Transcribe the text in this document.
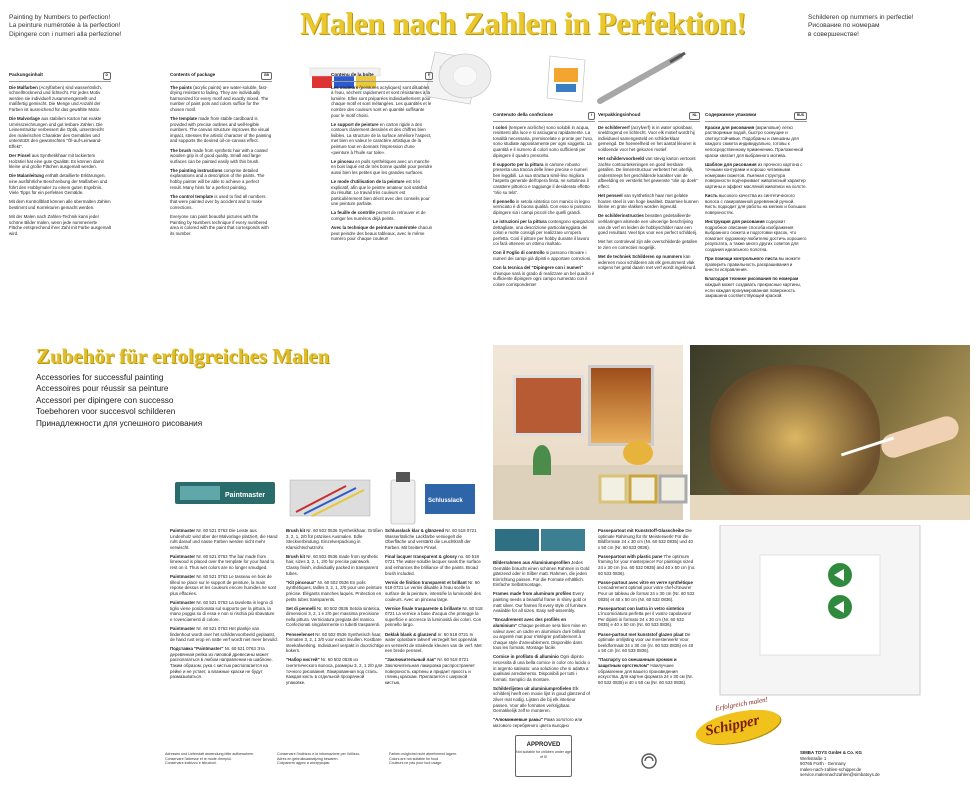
Painting by Numbers to perfection!
La peinture numérotée à la perfection!
Dipingere con i numeri alla perfezione!	Malen nach Zahlen in Perfektion!	Schilderen op nummers in perfectie!
Рисование по номерам
в совершенстве!
Packungsinhalt	D
Die Malfarben (Acrylfarben) sind wasserlöslich, schnelltrocknend und lichtecht. Für jedes Motiv werden sie individuell zusammengestellt und maßfertig gemischt. Die Menge und Anzahl der Farben ist ausreichend für das gewählte Motiv.
Die Malvorlage aus stabilem Karton hat exakte Umrisszeichnungen und gut lesbare Zahlen. Die Leinenstruktur verbessert die Optik, unterstreicht den malerischen Charakter des Gemäldes und unterstützt den gewünschten "Öl-auf-Leinwand-Effekt".
Der Pinsel aus Synthetikhaar mit lackiertem Holzstiel hat eine gute Qualität. Es können damit kleine und große Flächen ausgemalt werden.
Die Malanleitung enthält detaillierte Erklärungen, eine ausführliche Beschreibung der Malfarben und führt den Hobbymaler zu einem guten Ergebnis. Viele Tipps für ein perfektes Gemälde.
Mit dem Kontrollblatt können alle übermalten Zahlen bestimmt und Korrekturen gemacht werden.
Mit der Malen nach Zahlen-Technik kann jeder schöne Bilder malen, wenn jede nummerierte Fläche entsprechend ihrer Zahl mit Farbe ausgemalt wird.
Contents of package	GB
The paints (acrylic paints) are water-soluble, fast-drying resistant to fading. They are individually harmonized for every motif and exactly mixed. The number of paint pots and colors suffice for the chosen motif.
The template made from stable cardboard is provided with precise outlines and well-legible numbers. The canvas structure improves the visual impact, stresses the artistic character of the painting and supports the desired oil-on-canvas effect.
The brush made from synthetic hair with a coated wooden grip is of good quality. Small and large surfaces can be painted easily with this brush.
The painting instructions comprise detailed explanations and a description of the paints. The hobby painter will be able to achieve a perfect result. Many hints for a perfect painting.
The control template is used to find all numbers that were painted over by accident and to make corrections.
Everyone can paint beautiful pictures with the Painting by Numbers technique if every numbered area is colored with the paint that corresponds with its number.
Contenu de la boîte	F
Les couleurs (peintures acryliques) sont diluables à l'eau, séchent rapidement et sont résistantes à la lumière. Elles sont préparées individuellement pour chaque motif et sont mélangées. Les quantités et le nombre des couleurs sont en quantité suffisante pour le motif choisi.
Le support de peinture en carton rigide a des contours clairement dessinés et des chiffres bien lisibles. La structure de la surface améliore l'aspect, met bien en valeur le caractère artistique de la peinture tout en donnant l'impression d'une «peinture à l'huile sur toile».
Le pinceau en poils synthétiques avec un manche en bois laqué est de très bonne qualité pour peindre aussi bien les petites que les grandes surfaces.
Le mode d'utilisation de la peinture est très explicatif, afin que le peintre amateur soit satisfait du résultat. Le travail très couleurs est particulièrement bien décrit avec des conseils pour une peinture parfaite.
La feuille de contrôle permet de retrouver et de corriger les numéros déjà peints.
Avec la technique de peinture numérotée chacun peut peindre des beaux tableaux, avec le même numéro pour chaque couleur!
Contenuto della confezione	I
I colori (tempere acriliche) sono solubili in acqua, resistenti alla luce e si asciugano rapidamente. La tonalità necessaria, premiscelate e pronte per l'uso, sono studiate appositamente per ogni soggetto. La quantità e il numero di colori sono sufficienti per dipingere il quadro prescelto.
Il supporto per la pittura in cartone robusto presenta una traccia delle linee precise e numeri ben leggibili. La sua struttura simil-lino migliora l'aspetto generale dell'opera finita, ne sottolinea il carattere pittorico e raggiunge il desiderato effetto "olio su tela".
Il pennello in setola sintetica con manico in legno verniciato è di buona qualità. Con esso si possono dipingere sia i campi piccoli che quelli grandi.
Le istruzioni per la pittura contengono spiegazioni dettagliate, una descrizione particolareggiata dei colori e molte consigli per realizzare un'opera perfetta. Così il pittore per hobby durante il lavoro coi farà ottenere un ottimo risultato.
Con il Foglio di controllo si possono ritrovare i numeri dei campi già dipinti e apportare correzioni.
Con la tecnica del "Dipingere con i numeri" chiunque sarà in grado di realizzare un bel quadro è sufficiente dipingere ogni campo numerato con il colore corrispondente!
Verpakkingsinhoud	NL
De schilderverf (acrylverf) is in water oplosbaar, sneldrogend en lichtecht. Voor elk motief wordt hij individueel samengesteld en schilderklaar gemengd. De hoeveelheid en het aantal kleuren is voldoende voor het gekozen motief.
Het schildervoorbeeld van stevig karton vertoont zachte contourtekeningen en goed leesbare getallen. De linnenstructuur verbetert het uiterlijk, onderstreept het geschilderde karakter van de afbeelding en versterkt het gewenste "olie op doek" effect.
Het penseel van synthetisch haar met gelakte houten steel is van hoge kwaliteit. Daarmee kunnen kleine en grote vlakken worden ingevuld.
De schilderinstructies bevatten gedetailleerde verklaringen alsmede een uitvoerige beschrijving van de verf en leiden de hobbyschilder naar een goed resultaat. Veel tips voor een perfect schilderij.
Met het controleval zijn alle overschilderde getallen te zien en correcties mogelijk.
Met de techniek Schilderen op nummers kan iedereen mooi schilderen als elk genummerd vlak volgens het getal daarin met verf wordt ingekleurd.
Содержимое упаковки	RUS
Краски для рисования (акриловые) легко растворимые водой, быстро сохнущие и светоустойчивые. Подобраны и смешаны для каждого сюжета индивидуально, готовы к непосредственному применению. Приложенной краски хватает для выбранного мотива.
Шаблон для рисования из прочного картона с точными контурами и хорошо читаемыми номерами сюжетов. Льняная структура поверхности подчеркивает живописный характер картины и эффект масляной живописи на холсте.
Кисть высокого качества из синтетического волоса с лакированной деревянной ручкой. Кисть подходит для работы на мелких и больших поверхностях.
Инструкция для рисования содержит подробное описание способа изображения выбранного сюжета и подготовки красок, что помогает художнику-любителю достичь хорошего результата, а также много других советов для создания идеального полотна.
При помощи контрольного листа вы можете проверить правильность раскрашивания и внести исправления.
Благодаря технике рисования по номерам каждый может создавать прекрасные картины, если каждая пронумерованная поверхность закрашена соответствующей краской.
Zubehör für erfolgreiches Malen
Accessories for successful painting
Accessoires pour réussir sa peinture
Accessori per dipingere con successo
Toebehoren voor succesvol schilderen
Принадлежности для успешного рисования
Paintmaster
Schlusslack
Paintmaster Nr. 60 521 0763 Die Leiste aus Lindenholz wird über der Malvorlage platziert, die Hand ruht darauf und nasse Farben werden nicht mehr verwischt.
Paintmaster Nr. 60 521 0763 The bar made from limewood is placed over the template for your hand to rest on it. Thus wet colors are no longer smudged.
Paintmaster Nr. 60 521 0763 Le tasseau en bois de tilleul se place sur le support de peinture, la main repose dessus et les couleurs encore humides ne sont plus effacées.
Paintmaster Nr. 60 521 0763 La tavoletta in legno di tiglio viene posizionata sul supporto per la pittura, la mano poggia su di essa e non si rischia più sbavature e rovesciamenti di colore.
Paintmaster Nr. 60 521 0763 Het plankje van lindenhout wordt over het schildervoorbeeld geplaatst, de hand rust erop en natte verf wordt niet meer bevuild.
Подставка "Paintmaster" Nr. 60 521 0763 Эта деревянная рейка из липовой древесины может располагаться в любом направлении на шаблоне. Таким образом, рука с кистью располагается на рейке и не устает, а влажные краски не будут размазываться.
Brush kit Nr. 60 502 0536 Synthetikhaar, Größen 3, 2, 1, 2/0 für präzises Ausmalen. Edle Steckverbindung. Einzelverpackung in Klarsichtschutzrohr.
Brush kit Nr. 60 502 0536 made from synthetic hair, sizes 3, 2, 1, 2/0 for precise paintwork. Classy finish, individually packed in transparent tubes.
"Kit pinceaux" Nr. 60 502 0536 En poils synthétiques, tailles 3, 2, 1, 2/0 pour une peinture précise. Élégants manches laqués. Protection en petits tubes transparents.
Set di pennelli Nr. 60 502 0536 Setola sintetica, dimensioni 3, 2, 1 e 2/0 per massima precisione nella pittura. Verniciatura pregiata del manico. Confezionati singolarmente in tubetti trasparenti.
Penseelenset Nr. 60 502 0536 Synthetisch haar, formaten 3, 2, 1 2/0 voor exact invullen. Kostbare steekafwerking. Individueel verpakt in doorzichtige kokers.
"Набор кистей" Nr. 60 502 0536 из синтетического волоса, размеры 3, 2, 1 2/0 для точного рисования. Лакированная под сталь. Каждая кисть в отдельной прозрачной упаковке.
Schlusslack klar & glänzend Nr. 60 518 0721 Wasserlösliche Lackfarbe versiegelt die Oberfläche und verstärkt die Leuchtkraft der Farben. Mit breitem Pinsel.
Final lacquer transparent & glossy no. 60 518 0721 The water-soluble lacquer seals the surface and enhances the brilliance of the paints. Broad brush included.
Vernis de finition transparent et brillant Nr. 60 518 0721 Le vernis diluable à l'eau scelle la surface de la peinture, intensifie la luminosité des couleurs. Avec un pinceau large.
Vernice finale trasparente & brillante Nr. 60 518 0721 La vernice a base d'acqua che protegge la superficie e accresce la luminosità dei colori. Con pennello largo.
Deklak blank & glanzend nr. 60 518 0721 In water oplosbare lakverf verzegelt het oppervlak en versterkt de stralende kleuren van de verf. Met een brede penseel.
"Заключительный лак" Nr. 60 518 0721 Заключительная лакировка распространяет поверхность картины и придает яркость и глянец краскам. Прилагается с широкой кистью.
Bilderrahmen aus Aluminiumprofilen Jedes Gemälde braucht einen schönen Rahmen in Gold glänzend oder in Silber matt. Rahmen, die jeden Einrichtung passen. Für die Formate erhältlich. Einfache Selbstmontage.
Frames made from aluminum profiles Every painting needs a beautiful frame in shiny gold or matt silver. Our frames fit every style of furniture. Available for all sizes. Easy self-assembly.
"Encadrement avec des profilés en aluminium" Chaque peinture sera bien mise en valeur avec un cadre en aluminium doré brillant ou argenté mat pour s'intégrer parfaitement à chaque style d'ameublement. Disponible dans tous les formats. Montage facile.
Cornice in profilato di alluminio Ogni dipinto necessita di una bella cornice in color oro lucido o in argento satinato: una soluzione che si adatta a qualsiasi arredamento. Disponibili per tutti i formati. Semplici da montare.
Schilderlijsten uit aluminiumprofielen Elk schilderij heeft een mooie lijst in goud glanzend of zilver mat nodig. Lijsten die bij elk interieur passen. Voor alle formaten verkrijgbaar. Gemakkelijk zelf te monteren.
"Алюминиевые рамы" Рама золотого или матового серебряного цвета выгодно
Passepartout mit Kunststoff-Glasscheibe Die optimale Rahmung für Ihr Meisterwerk! Für die Bildformate 24 x 30 cm (Nr. 60 532 0835) und 40 x 50 cm (Nr. 60 533 0836).
Passepartout with plastic pane The optimum framing for your masterpiece! For paintings sized 24 x 30 cm (no. 60 532 0835) and 40 x 50 cm (no. 60 533 0836).
Passe-partout avec vitre en verre synthétique L'encadrement optimal pour votre chef-d'œuvre! Pour un tableau de format 24 x 30 cm (Nr. 60 532 0835) et 40 x 50 cm (Nr. 60 533 0836).
Passepartout con lastra in vetro sintetico L'incorniciatura perfetta per il vostro capolavoro! Per dipinti in formato 24 x 30 cm (Nr. 60 532 0835) e 40 x 50 cm (Nr. 60 533 0836).
Passe-partout met kunststof glazen plaat De optimale omlijsting voor uw meesterwerk! Voor beeldformaat 24 x 30 cm (nr. 60 532 0835) en 40 x 50 cm (nr. 60 533 0836).
"Паспарту со смешанным хромом и защитным оргстеклом" Наилучшее обрамление для вашего произведения искусства. Для картин формата 24 x 30 см (Nr. 60 532 0835) и 40 x 50 см (Nr. 60 533 0836).
APPROVED
Not suitable for children under age of 5!
Erfolgreich malen!
Schipper
SIMBA TOYS GmbH & Co. KG
Werkstraße 1
90765 Fürth · Germany
malen-nach-zahlen-schipper.de
service.malennachzahlen@simbatoys.de
Adressen und Lieferstatt anwendung bitte aufbewahren.
Conservare l'adresse et le mode d'emploi.
Conservare indirizzo e istruzioni.
Conservare l'indirizzo e la informazione per l'utilizzo.
Adres en gebruiksaanwijzing bewaren.
Сохраните адрес и инструкцию.
Farben möglichst nicht abnehmend lagern.
Colors are not suitable for food
Couleurs ne pas pour tout usage.
